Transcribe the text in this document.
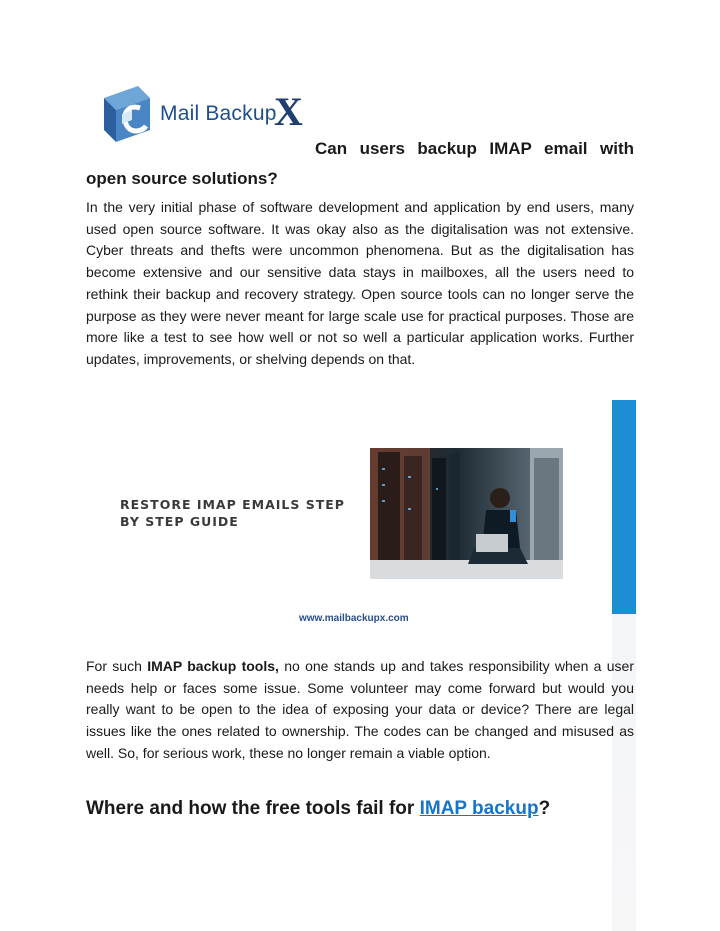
Mail Backup
X
Can users backup IMAP email with
open source solutions?

In the very initial phase of software development and application by end users, many used open source software. It was okay also as the digitalisation was not extensive. Cyber threats and thefts were uncommon phenomena. But as the digitalisation has become extensive and our sensitive data stays in mailboxes, all the users need to rethink their backup and recovery strategy. Open source tools can no longer serve the purpose as they were never meant for large scale use for practical purposes. Those are more like a test to see how well or not so well a particular application works. Further updates, improvements, or shelving depends on that.

RESTORE IMAP EMAILS STEP BY STEP GUIDE
www.mailbackupx.com

For such IMAP backup tools, no one stands up and takes responsibility when a user needs help or faces some issue. Some volunteer may come forward but would you really want to be open to the idea of exposing your data or device? There are legal issues like the ones related to ownership. The codes can be changed and misused as well. So, for serious work, these no longer remain a viable option.

Where and how the free tools fail for IMAP backup?
